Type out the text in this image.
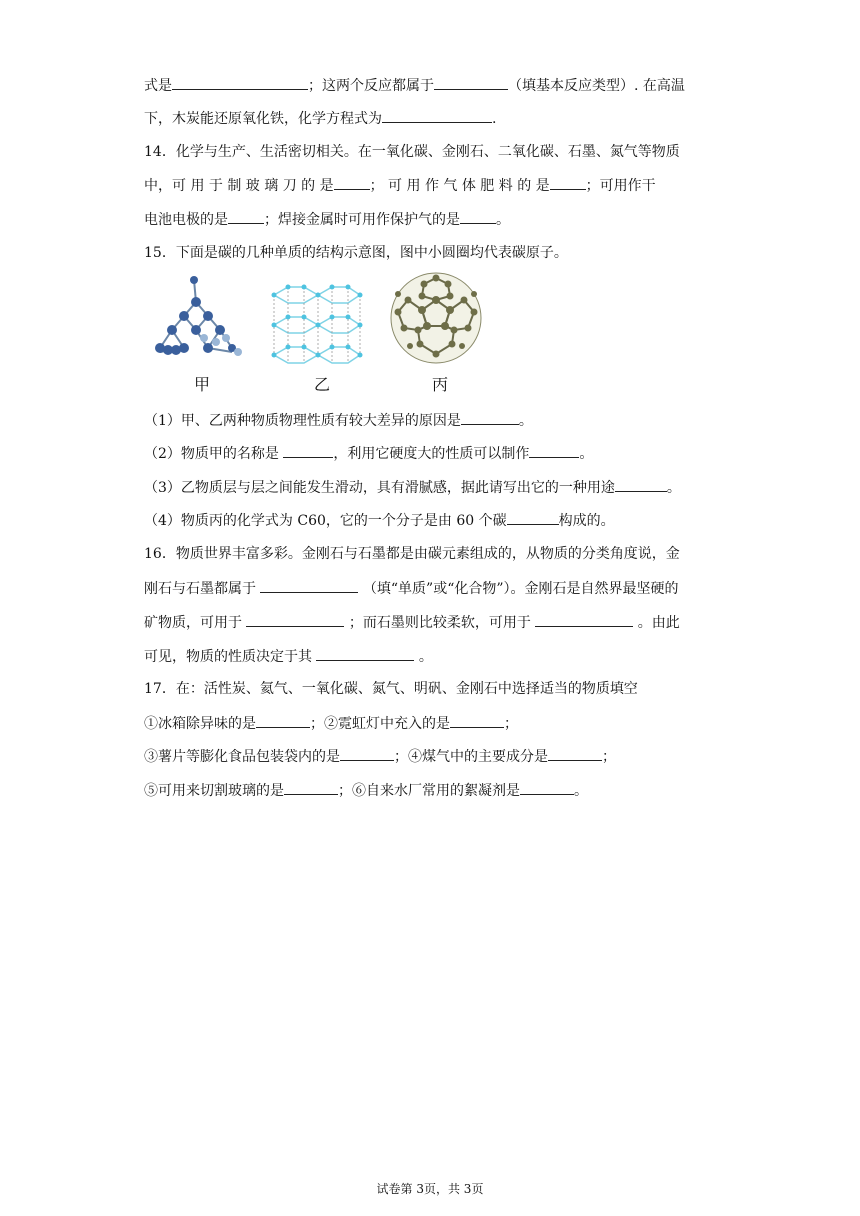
式是	；这两个反应都属于	（填基本反应类型）. 在高温
下，木炭能还原氧化铁，化学方程式为	.
14．化学与生产、生活密切相关。在一氧化碳、金刚石、二氧化碳、石墨、氮气等物质
中，可 用 于 制 玻 璃 刀 的 是	； 可 用 作 气 体 肥 料 的 是	；可用作干
电池电极的是	；焊接金属时可用作保护气的是	。
15．下面是碳的几种单质的结构示意图，图中小圆圈均代表碳原子。
甲	乙	丙
（1）甲、乙两种物质物理性质有较大差异的原因是	。
（2）物质甲的名称是	，利用它硬度大的性质可以制作	。
（3）乙物质层与层之间能发生滑动，具有滑腻感，据此请写出它的一种用途	。
（4）物质丙的化学式为 C60，它的一个分子是由 60 个碳	构成的。
16．物质世界丰富多彩。金刚石与石墨都是由碳元素组成的，从物质的分类角度说，金
刚石与石墨都属于	（填“单质”或“化合物”）。金刚石是自然界最坚硬的
矿物质，可用于	；而石墨则比较柔软，可用于	。由此
可见，物质的性质决定于其	。
17．在：活性炭、氦气、一氧化碳、氮气、明矾、金刚石中选择适当的物质填空
①冰箱除异味的是	；②霓虹灯中充入的是	；
③薯片等膨化食品包装袋内的是	；④煤气中的主要成分是	；
⑤可用来切割玻璃的是	；⑥自来水厂常用的絮凝剂是	。
试卷第 3页，共 3页
